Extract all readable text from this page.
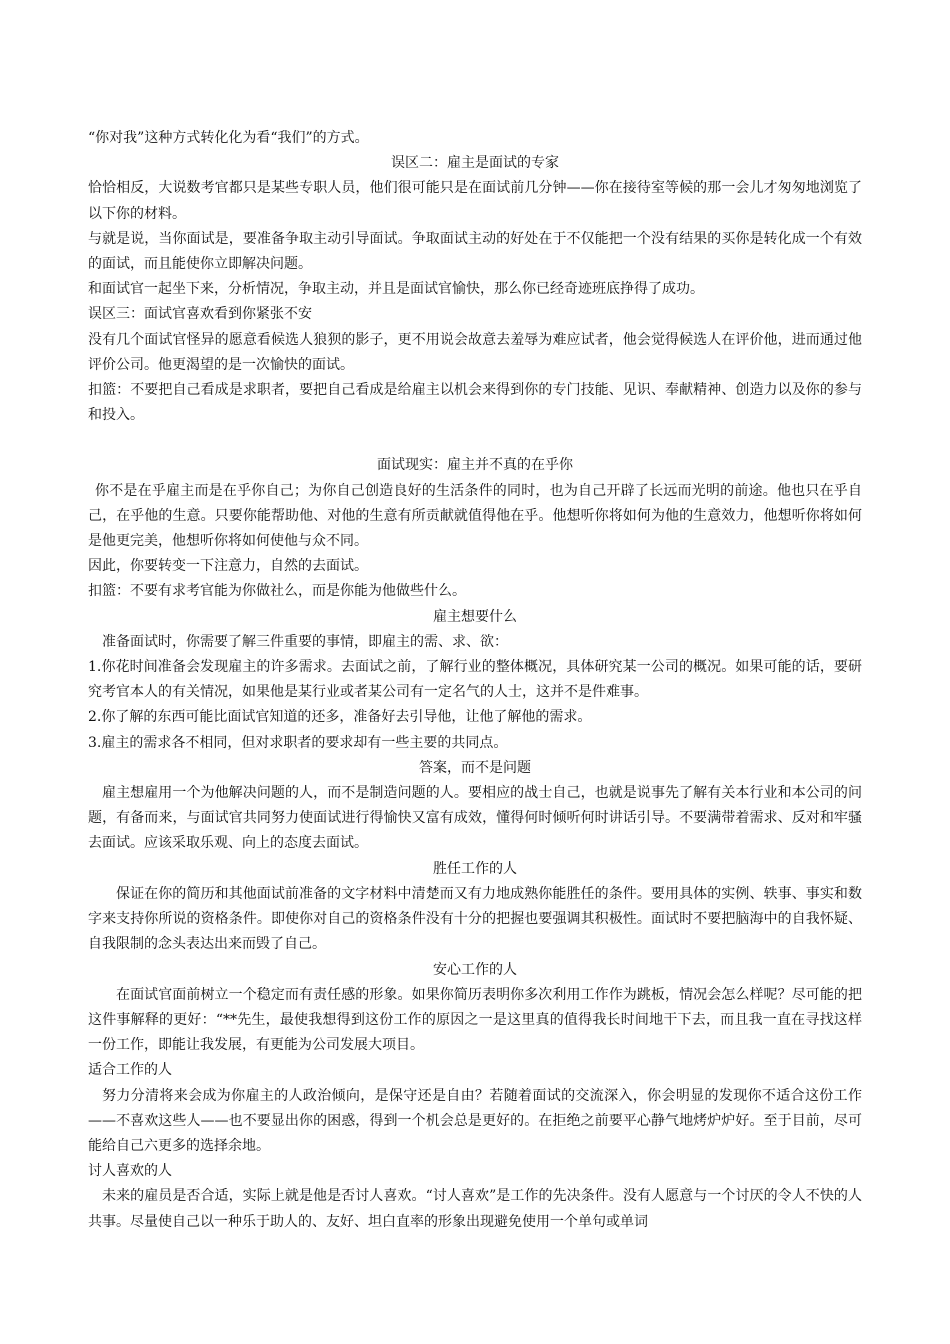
“你对我”这种方式转化化为看“我们”的方式。

误区二：雇主是面试的专家

恰恰相反，大说数考官都只是某些专职人员，他们很可能只是在面试前几分钟——你在接待室等候的那一会儿才匆匆地浏览了以下你的材料。

与就是说，当你面试是，要准备争取主动引导面试。争取面试主动的好处在于不仅能把一个没有结果的买你是转化成一个有效的面试，而且能使你立即解决问题。

和面试官一起坐下来，分析情况，争取主动，并且是面试官愉快，那么你已经奇迹班底挣得了成功。

误区三：面试官喜欢看到你紧张不安

没有几个面试官怪异的愿意看候选人狼狈的影子，更不用说会故意去羞辱为难应试者，他会觉得候选人在评价他，进而通过他评价公司。他更渴望的是一次愉快的面试。

扣篮：不要把自己看成是求职者，要把自己看成是给雇主以机会来得到你的专门技能、见识、奉献精神、创造力以及你的参与和投入。

面试现实：雇主并不真的在乎你

你不是在乎雇主而是在乎你自己；为你自己创造良好的生活条件的同时，也为自己开辟了长远而光明的前途。他也只在乎自己，在乎他的生意。只要你能帮助他、对他的生意有所贡献就值得他在乎。他想听你将如何为他的生意效力，他想听你将如何是他更完美，他想听你将如何使他与众不同。

因此，你要转变一下注意力，自然的去面试。

扣篮：不要有求考官能为你做社么，而是你能为他做些什么。

雇主想要什么

准备面试时，你需要了解三件重要的事情，即雇主的需、求、欲：

1.你花时间准备会发现雇主的许多需求。去面试之前，了解行业的整体概况，具体研究某一公司的概况。如果可能的话，要研究考官本人的有关情况，如果他是某行业或者某公司有一定名气的人士，这并不是件难事。

2.你了解的东西可能比面试官知道的还多，准备好去引导他，让他了解他的需求。

3.雇主的需求各不相同，但对求职者的要求却有一些主要的共同点。

答案，而不是问题

雇主想雇用一个为他解决问题的人，而不是制造问题的人。要相应的战士自己，也就是说事先了解有关本行业和本公司的问题，有备而来，与面试官共同努力使面试进行得愉快又富有成效，懂得何时倾听何时讲话引导。不要满带着需求、反对和牢骚去面试。应该采取乐观、向上的态度去面试。

胜任工作的人

保证在你的简历和其他面试前准备的文字材料中清楚而又有力地成熟你能胜任的条件。要用具体的实例、轶事、事实和数字来支持你所说的资格条件。即使你对自己的资格条件没有十分的把握也要强调其积极性。面试时不要把脑海中的自我怀疑、自我限制的念头表达出来而毁了自己。

安心工作的人

在面试官面前树立一个稳定而有责任感的形象。如果你简历表明你多次利用工作作为跳板，情况会怎么样呢？尽可能的把这件事解释的更好：“**先生，最使我想得到这份工作的原因之一是这里真的值得我长时间地干下去，而且我一直在寻找这样一份工作，即能让我发展，有更能为公司发展大项目。

适合工作的人

努力分清将来会成为你雇主的人政治倾向，是保守还是自由？若随着面试的交流深入，你会明显的发现你不适合这份工作——不喜欢这些人——也不要显出你的困惑，得到一个机会总是更好的。在拒绝之前要平心静气地烤炉炉好。至于目前，尽可能给自己六更多的选择余地。

讨人喜欢的人

未来的雇员是否合适，实际上就是他是否讨人喜欢。“讨人喜欢”是工作的先决条件。没有人愿意与一个讨厌的令人不快的人共事。尽量使自己以一种乐于助人的、友好、坦白直率的形象出现避免使用一个单句或单词
